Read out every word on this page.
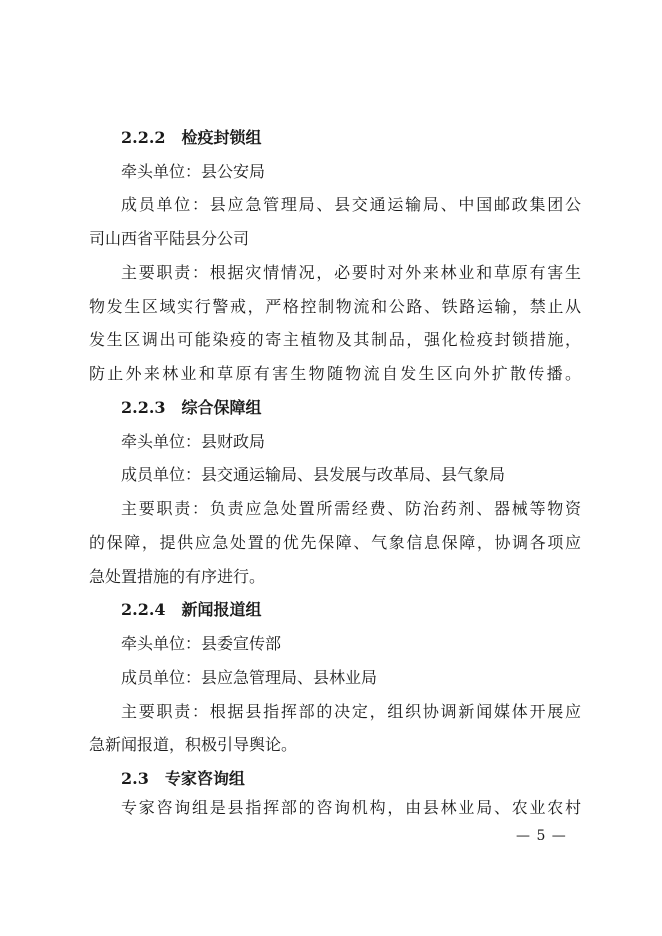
2.2.2 检疫封锁组
牵头单位：县公安局
成员单位：县应急管理局、县交通运输局、中国邮政集团公
司山西省平陆县分公司
主要职责：根据灾情情况，必要时对外来林业和草原有害生
物发生区域实行警戒，严格控制物流和公路、铁路运输，禁止从
发生区调出可能染疫的寄主植物及其制品，强化检疫封锁措施，
防止外来林业和草原有害生物随物流自发生区向外扩散传播。
2.2.3 综合保障组
牵头单位：县财政局
成员单位：县交通运输局、县发展与改革局、县气象局
主要职责：负责应急处置所需经费、防治药剂、器械等物资
的保障，提供应急处置的优先保障、气象信息保障，协调各项应
急处置措施的有序进行。
2.2.4 新闻报道组
牵头单位：县委宣传部
成员单位：县应急管理局、县林业局
主要职责：根据县指挥部的决定，组织协调新闻媒体开展应
急新闻报道，积极引导舆论。
2.3 专家咨询组
专家咨询组是县指挥部的咨询机构，由县林业局、农业农村
— 5 —
